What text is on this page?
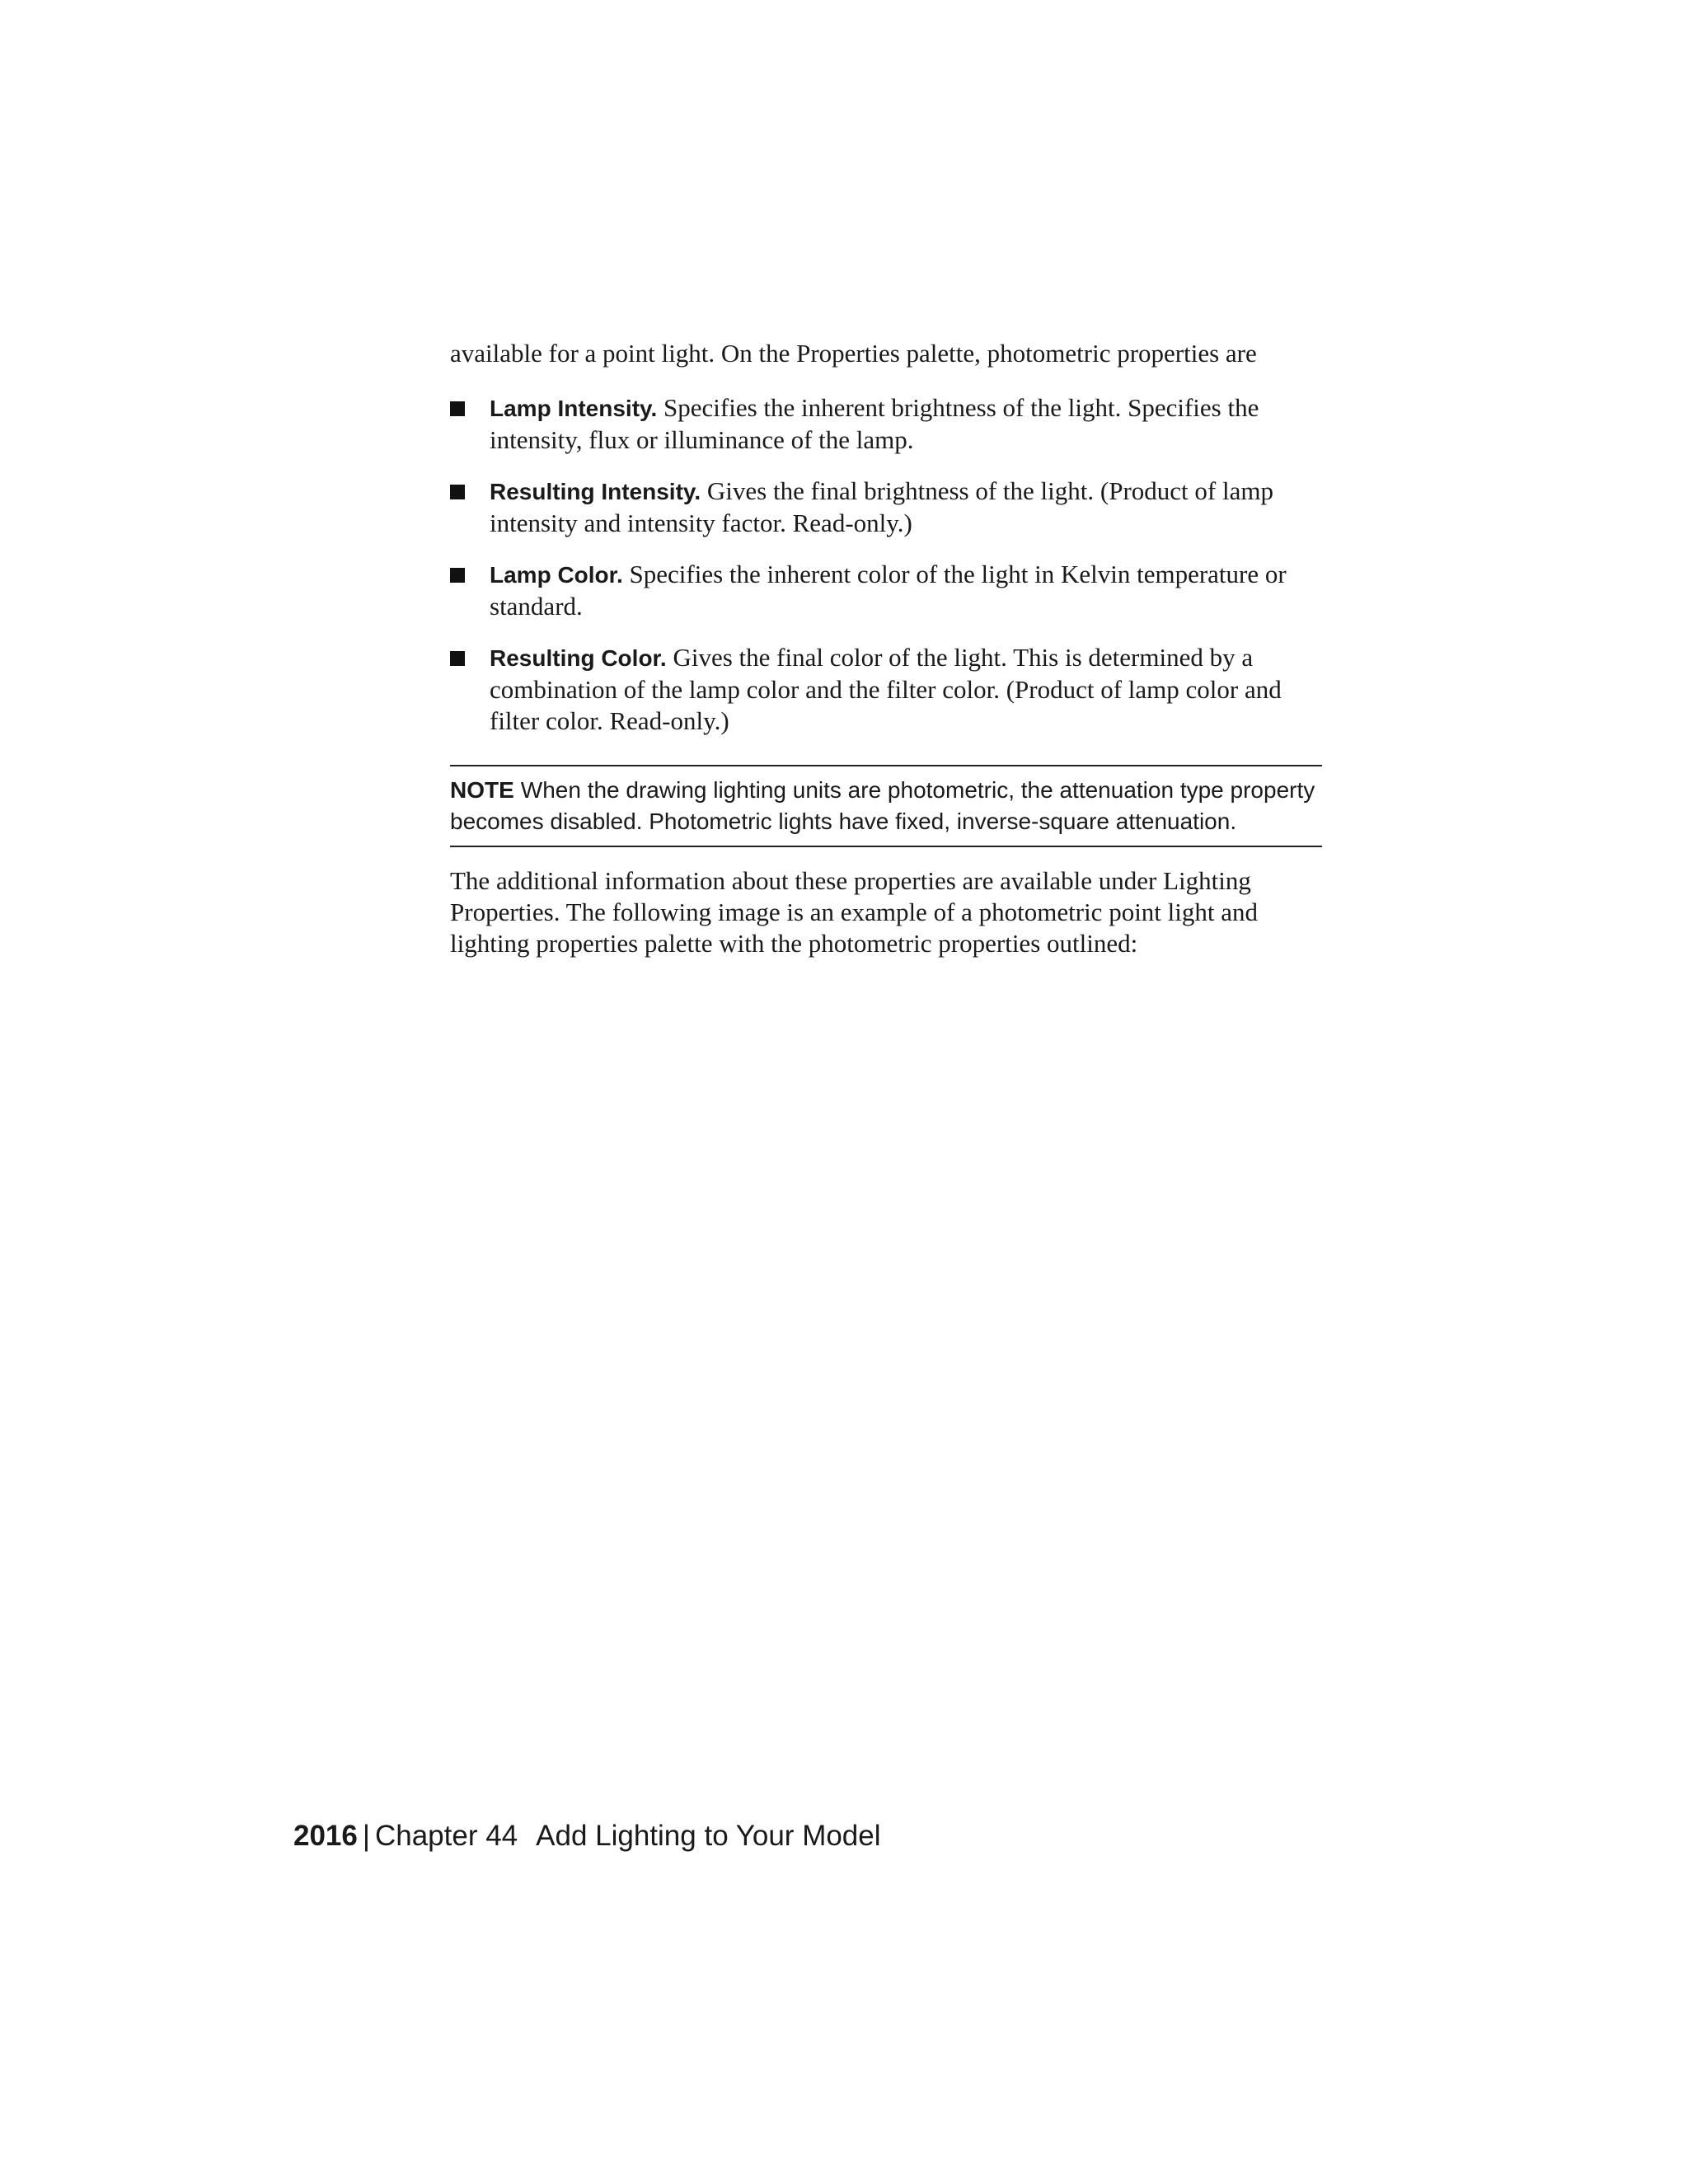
available for a point light. On the Properties palette, photometric properties are

Lamp Intensity. Specifies the inherent brightness of the light. Specifies the intensity, flux or illuminance of the lamp.
Resulting Intensity. Gives the final brightness of the light. (Product of lamp intensity and intensity factor. Read-only.)
Lamp Color. Specifies the inherent color of the light in Kelvin temperature or standard.
Resulting Color. Gives the final color of the light. This is determined by a combination of the lamp color and the filter color. (Product of lamp color and filter color. Read-only.)
NOTE When the drawing lighting units are photometric, the attenuation type property becomes disabled. Photometric lights have fixed, inverse-square attenuation.

The additional information about these properties are available under Lighting Properties. The following image is an example of a photometric point light and lighting properties palette with the photometric properties outlined:

2016 | Chapter 44 Add Lighting to Your Model
